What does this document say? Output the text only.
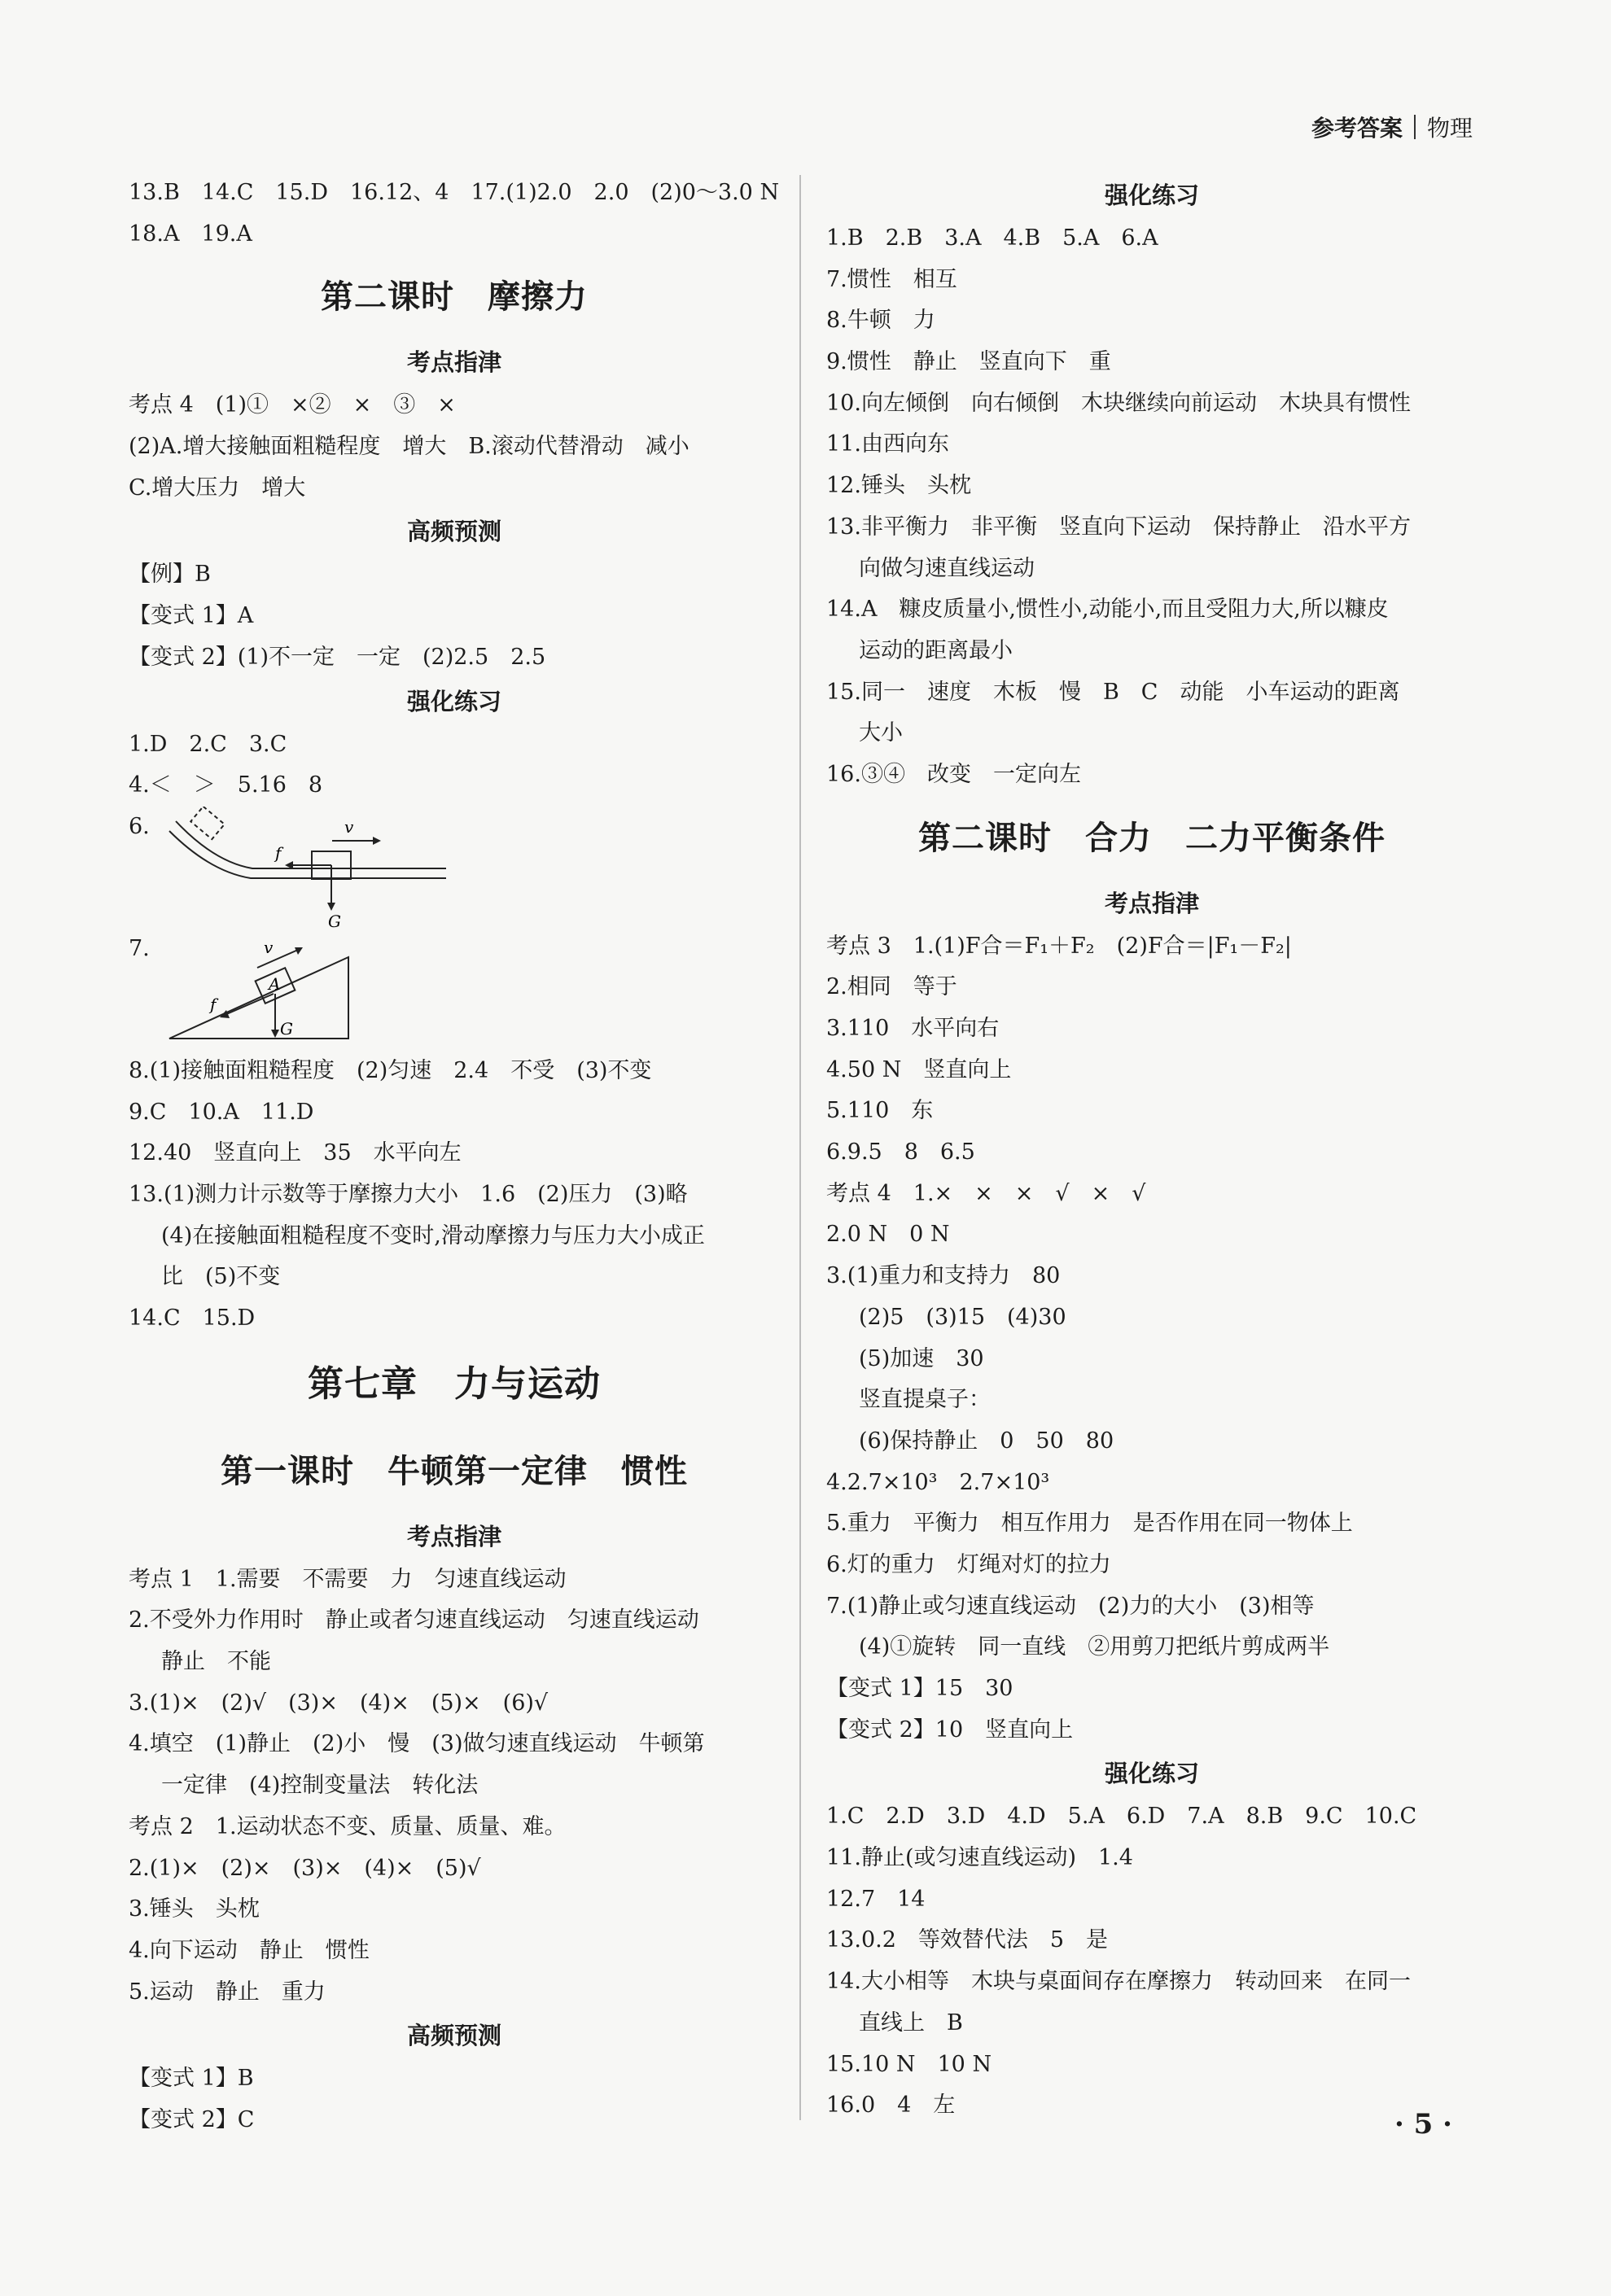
参考答案 物理
13.B　14.C　15.D　16.12、4　17.(1)2.0　2.0　(2)0～3.0 N
18.A　19.A
第二课时　摩擦力
考点指津
考点 4　(1)①　×②　×　③　×
(2)A.增大接触面粗糙程度　增大　B.滚动代替滑动　减小
C.增大压力　增大
高频预测
【例】B
【变式 1】A
【变式 2】(1)不一定　一定　(2)2.5　2.5
强化练习
1.D　2.C　3.C
4.＜　＞　5.16　8
6.	v
f
G
7.	v
A
f
G
8.(1)接触面粗糙程度　(2)匀速　2.4　不受　(3)不变
9.C　10.A　11.D
12.40　竖直向上　35　水平向左
13.(1)测力计示数等于摩擦力大小　1.6　(2)压力　(3)略
(4)在接触面粗糙程度不变时,滑动摩擦力与压力大小成正
比　(5)不变
14.C　15.D
第七章　力与运动
第一课时　牛顿第一定律　惯性
考点指津
考点 1　1.需要　不需要　力　匀速直线运动
2.不受外力作用时　静止或者匀速直线运动　匀速直线运动
静止　不能
3.(1)×　(2)√　(3)×　(4)×　(5)×　(6)√
4.填空　(1)静止　(2)小　慢　(3)做匀速直线运动　牛顿第
一定律　(4)控制变量法　转化法
考点 2　1.运动状态不变、质量、质量、难。
2.(1)×　(2)×　(3)×　(4)×　(5)√
3.锤头　头枕
4.向下运动　静止　惯性
5.运动　静止　重力
高频预测
【变式 1】B
【变式 2】C
强化练习
1.B　2.B　3.A　4.B　5.A　6.A
7.惯性　相互
8.牛顿　力
9.惯性　静止　竖直向下　重
10.向左倾倒　向右倾倒　木块继续向前运动　木块具有惯性
11.由西向东
12.锤头　头枕
13.非平衡力　非平衡　竖直向下运动　保持静止　沿水平方
向做匀速直线运动
14.A　糠皮质量小,惯性小,动能小,而且受阻力大,所以糠皮
运动的距离最小
15.同一　速度　木板　慢　B　C　动能　小车运动的距离
大小
16.③④　改变　一定向左
第二课时　合力　二力平衡条件
考点指津
考点 3　1.(1)F合＝F₁＋F₂　(2)F合＝|F₁－F₂|
2.相同　等于
3.110　水平向右
4.50 N　竖直向上
5.110　东
6.9.5　8　6.5
考点 4　1.×　×　×　√　×　√
2.0 N　0 N
3.(1)重力和支持力　80
(2)5　(3)15　(4)30
(5)加速　30
竖直提桌子：
(6)保持静止　0　50　80
4.2.7×10³　2.7×10³
5.重力　平衡力　相互作用力　是否作用在同一物体上
6.灯的重力　灯绳对灯的拉力
7.(1)静止或匀速直线运动　(2)力的大小　(3)相等
(4)①旋转　同一直线　②用剪刀把纸片剪成两半
【变式 1】15　30
【变式 2】10　竖直向上
强化练习
1.C　2.D　3.D　4.D　5.A　6.D　7.A　8.B　9.C　10.C
11.静止(或匀速直线运动)　1.4
12.7　14
13.0.2　等效替代法　5　是
14.大小相等　木块与桌面间存在摩擦力　转动回来　在同一
直线上　B
15.10 N　10 N
16.0　4　左
· 5 ·
